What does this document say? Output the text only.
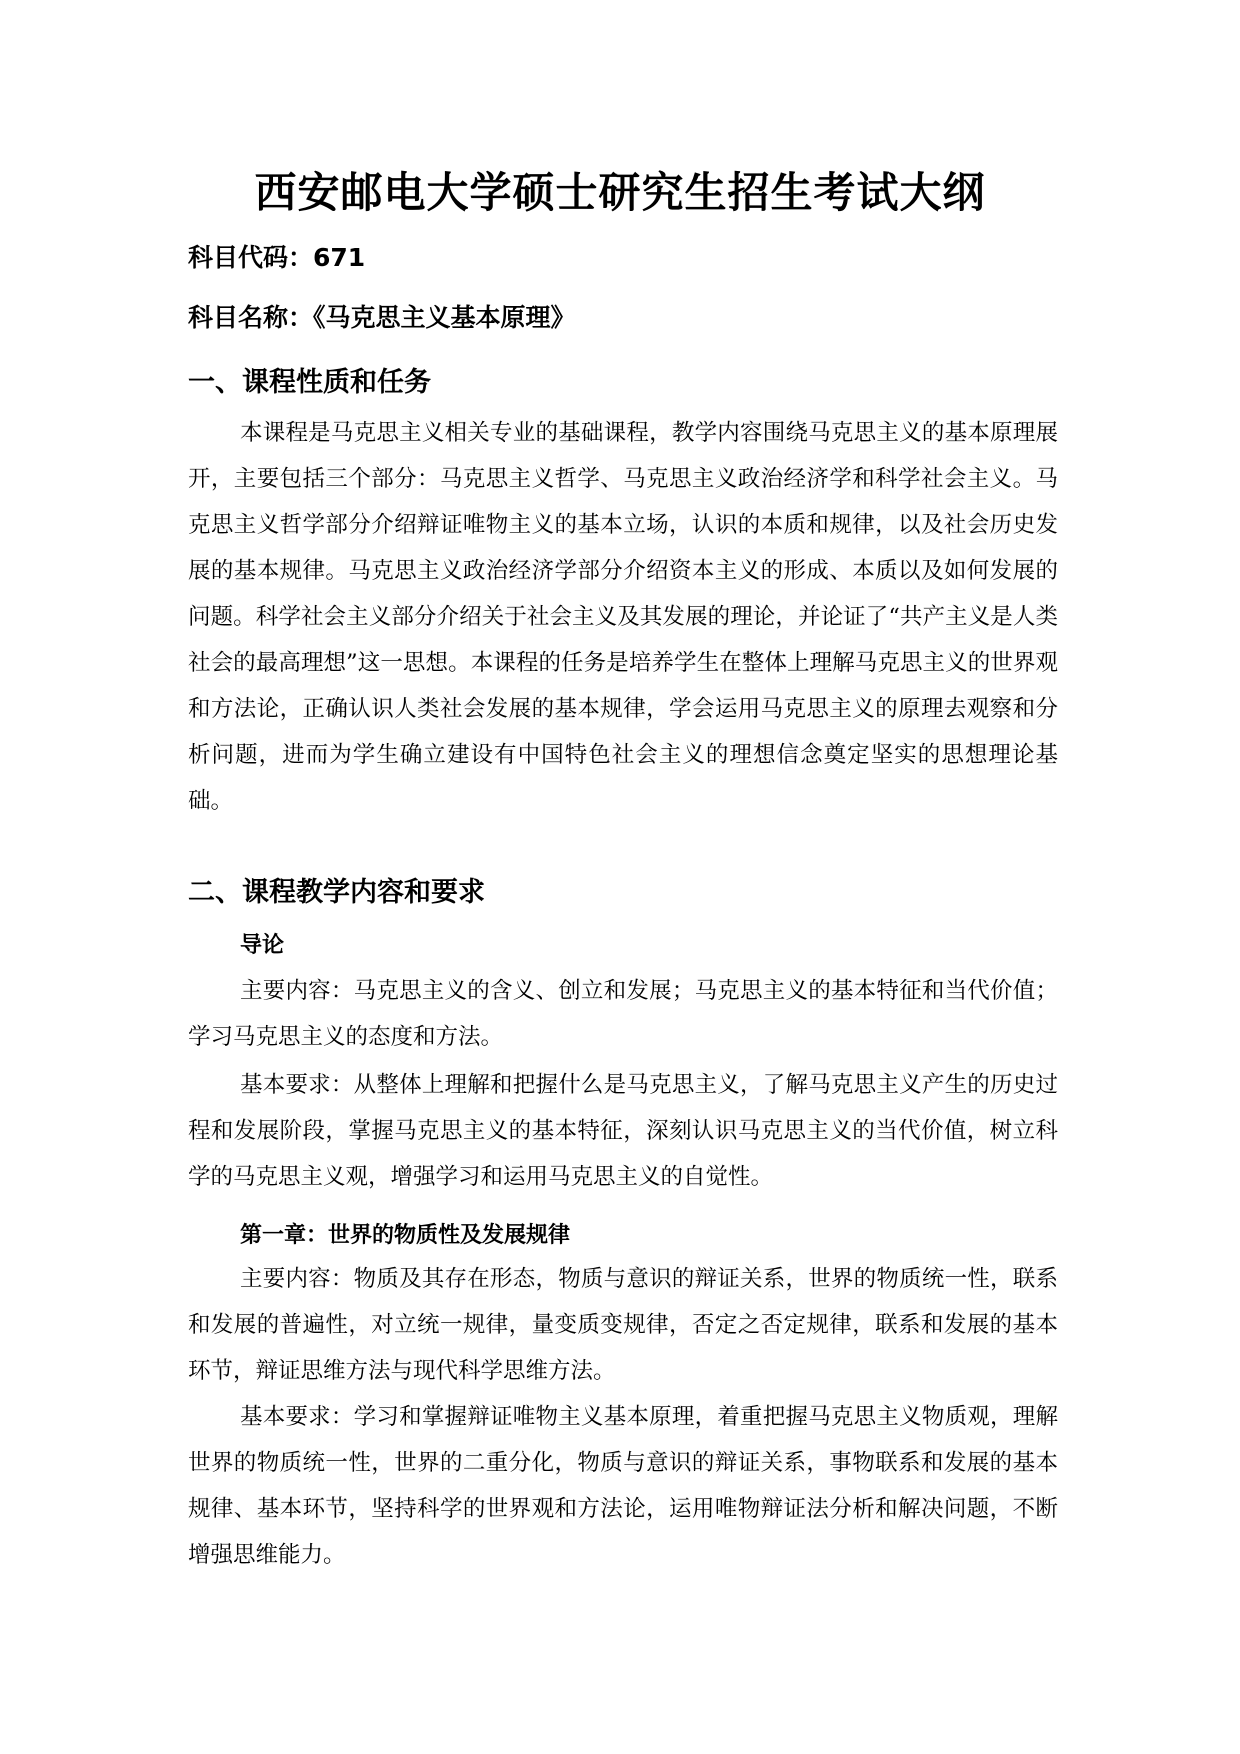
西安邮电大学硕士研究生招生考试大纲
科目代码：671
科目名称：《马克思主义基本原理》
一、课程性质和任务

本课程是马克思主义相关专业的基础课程，教学内容围绕马克思主义的基本原理展开，主要包括三个部分：马克思主义哲学、马克思主义政治经济学和科学社会主义。马克思主义哲学部分介绍辩证唯物主义的基本立场，认识的本质和规律，以及社会历史发展的基本规律。马克思主义政治经济学部分介绍资本主义的形成、本质以及如何发展的问题。科学社会主义部分介绍关于社会主义及其发展的理论，并论证了“共产主义是人类社会的最高理想”这一思想。本课程的任务是培养学生在整体上理解马克思主义的世界观和方法论，正确认识人类社会发展的基本规律，学会运用马克思主义的原理去观察和分析问题，进而为学生确立建设有中国特色社会主义的理想信念奠定坚实的思想理论基础。

二、课程教学内容和要求
导论

主要内容：马克思主义的含义、创立和发展；马克思主义的基本特征和当代价值；学习马克思主义的态度和方法。

基本要求：从整体上理解和把握什么是马克思主义，了解马克思主义产生的历史过程和发展阶段，掌握马克思主义的基本特征，深刻认识马克思主义的当代价值，树立科学的马克思主义观，增强学习和运用马克思主义的自觉性。

第一章：世界的物质性及发展规律

主要内容：物质及其存在形态，物质与意识的辩证关系，世界的物质统一性，联系和发展的普遍性，对立统一规律，量变质变规律，否定之否定规律，联系和发展的基本环节，辩证思维方法与现代科学思维方法。

基本要求：学习和掌握辩证唯物主义基本原理，着重把握马克思主义物质观，理解世界的物质统一性，世界的二重分化，物质与意识的辩证关系，事物联系和发展的基本规律、基本环节，坚持科学的世界观和方法论，运用唯物辩证法分析和解决问题，不断增强思维能力。
